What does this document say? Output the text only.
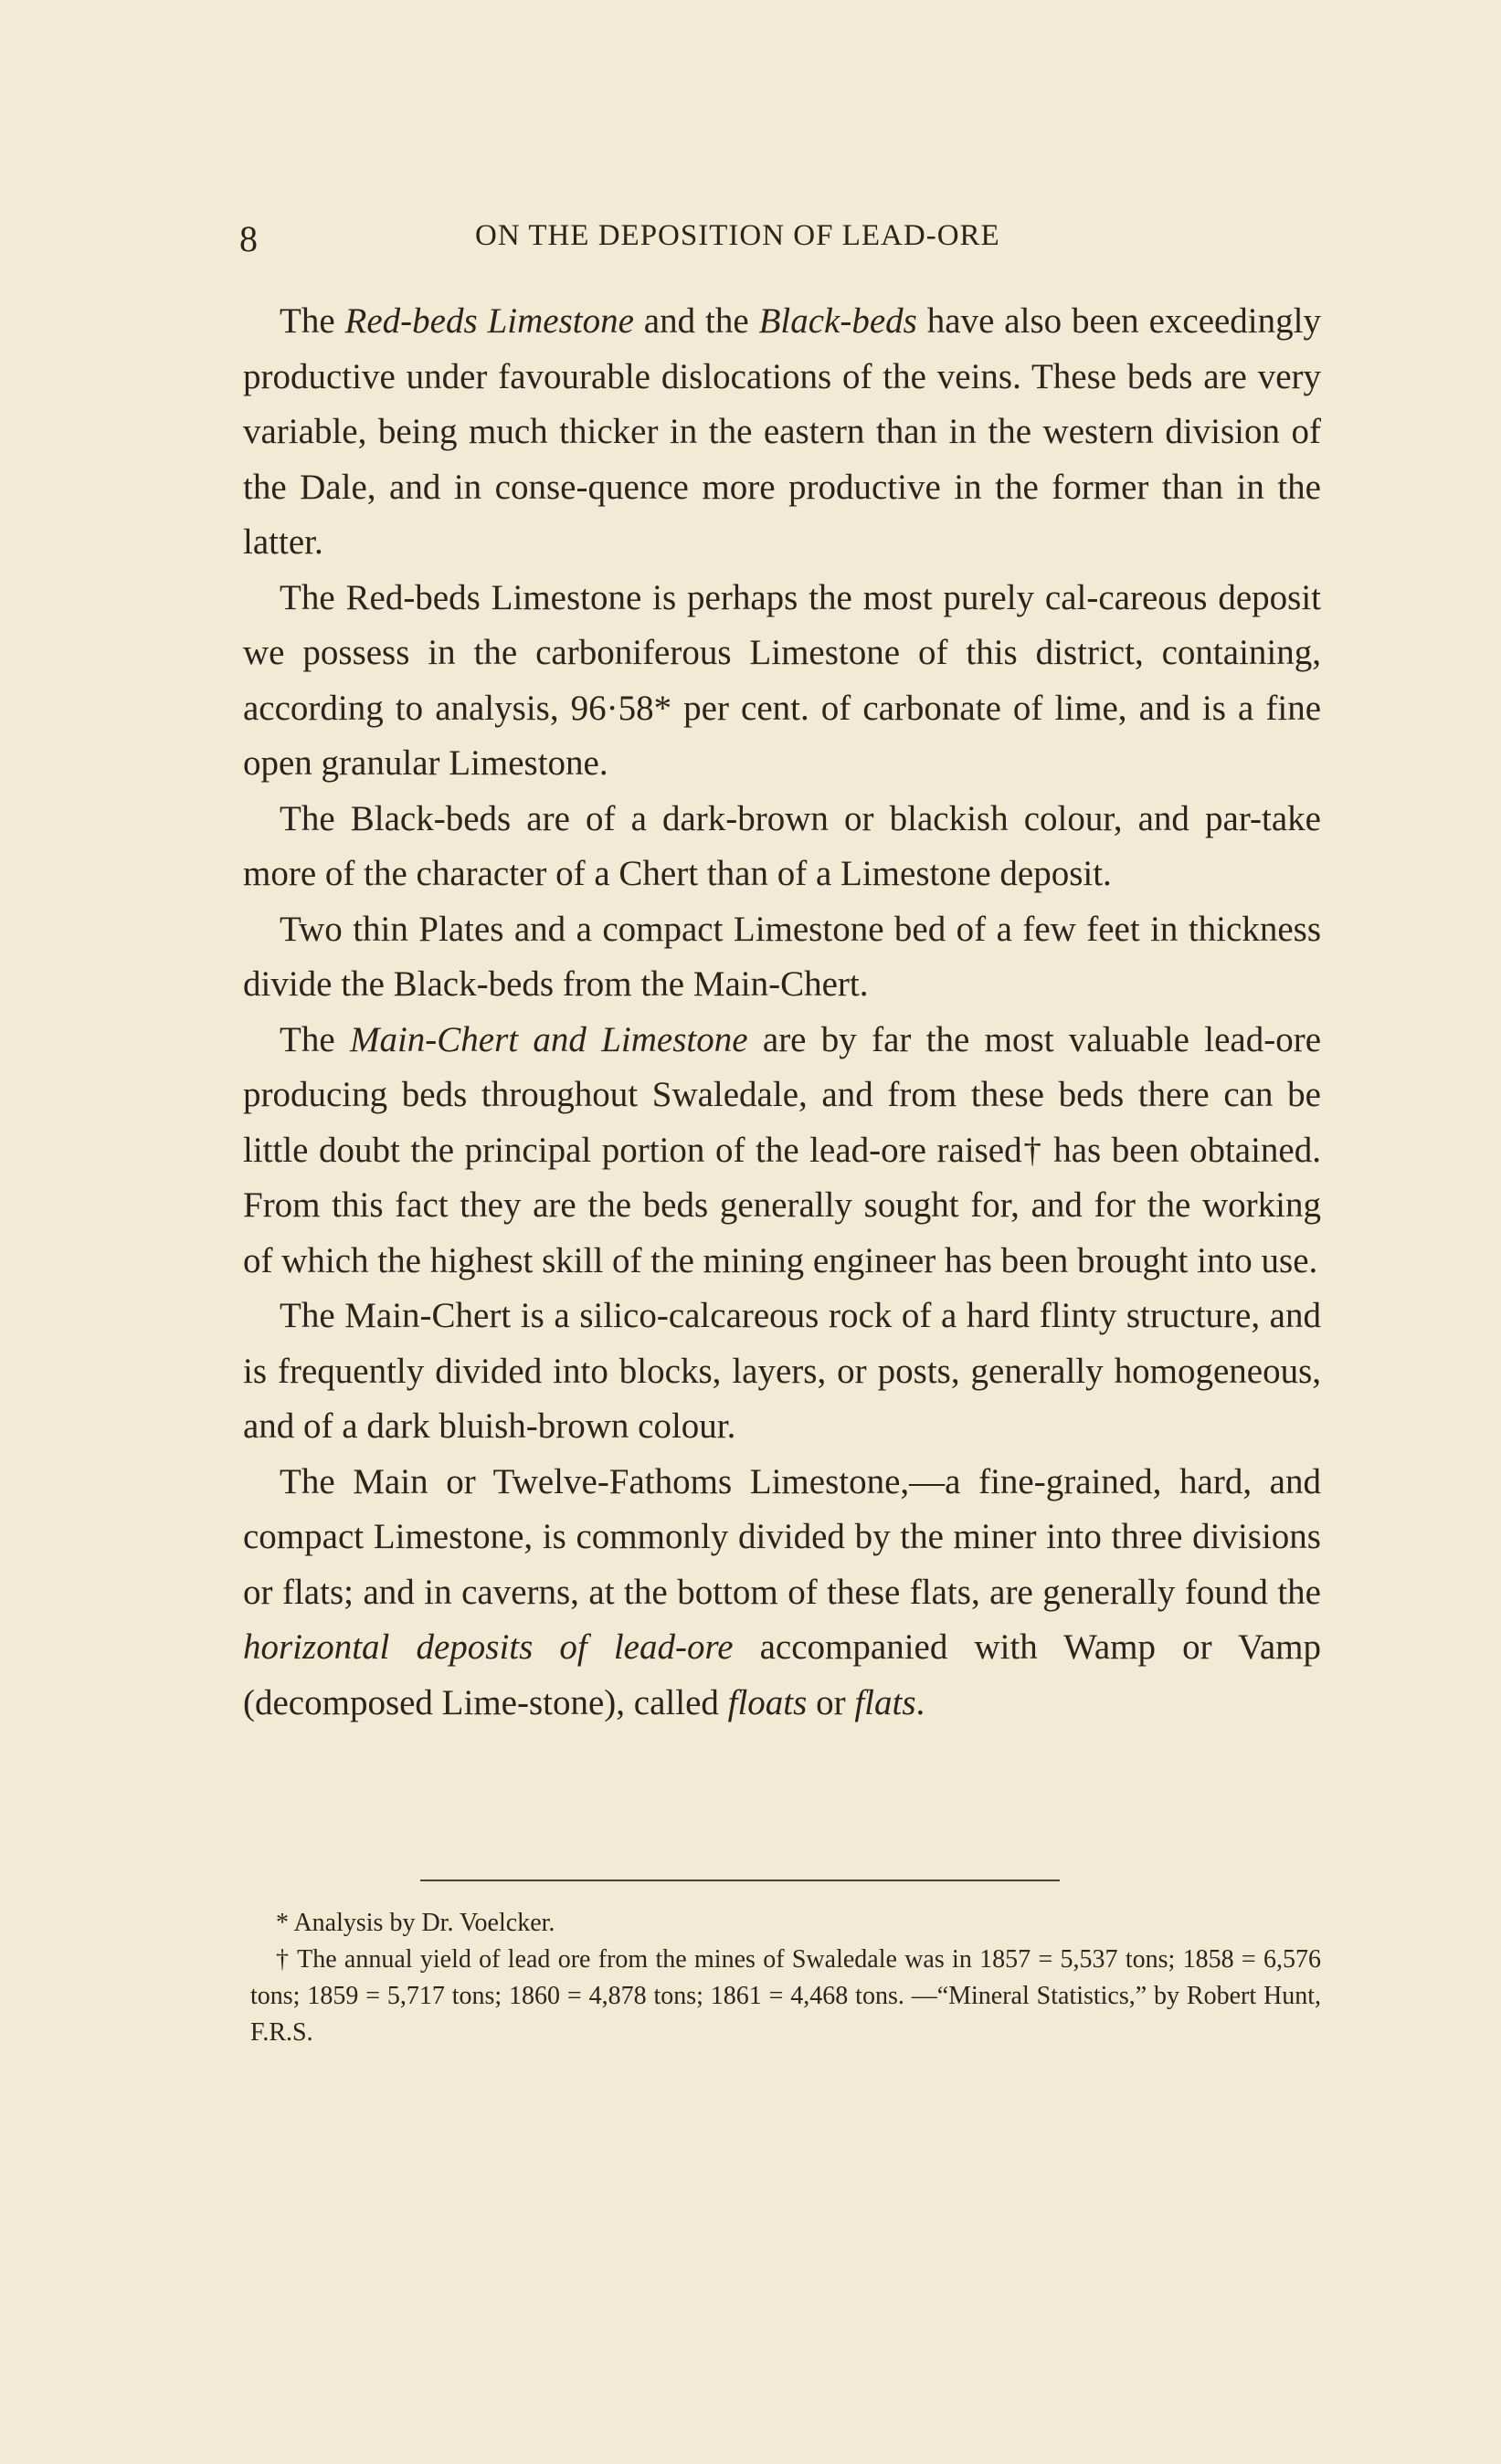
8	ON THE DEPOSITION OF LEAD-ORE

The Red-beds Limestone and the Black-beds have also been exceedingly productive under favourable dislocations of the veins. These beds are very variable, being much thicker in the eastern than in the western division of the Dale, and in conse-quence more productive in the former than in the latter.

The Red-beds Limestone is perhaps the most purely cal-careous deposit we possess in the carboniferous Limestone of this district, containing, according to analysis, 96·58* per cent. of carbonate of lime, and is a fine open granular Limestone.

The Black-beds are of a dark-brown or blackish colour, and par-take more of the character of a Chert than of a Limestone deposit.

Two thin Plates and a compact Limestone bed of a few feet in thickness divide the Black-beds from the Main-Chert.

The Main-Chert and Limestone are by far the most valuable lead-ore producing beds throughout Swaledale, and from these beds there can be little doubt the principal portion of the lead-ore raised† has been obtained. From this fact they are the beds generally sought for, and for the working of which the highest skill of the mining engineer has been brought into use.

The Main-Chert is a silico-calcareous rock of a hard flinty structure, and is frequently divided into blocks, layers, or posts, generally homogeneous, and of a dark bluish-brown colour.

The Main or Twelve-Fathoms Limestone,—a fine-grained, hard, and compact Limestone, is commonly divided by the miner into three divisions or flats; and in caverns, at the bottom of these flats, are generally found the horizontal deposits of lead-ore accompanied with Wamp or Vamp (decomposed Lime-stone), called floats or flats.

* Analysis by Dr. Voelcker.

† The annual yield of lead ore from the mines of Swaledale was in 1857 = 5,537 tons; 1858 = 6,576 tons; 1859 = 5,717 tons; 1860 = 4,878 tons; 1861 = 4,468 tons. —“Mineral Statistics,” by Robert Hunt, F.R.S.
